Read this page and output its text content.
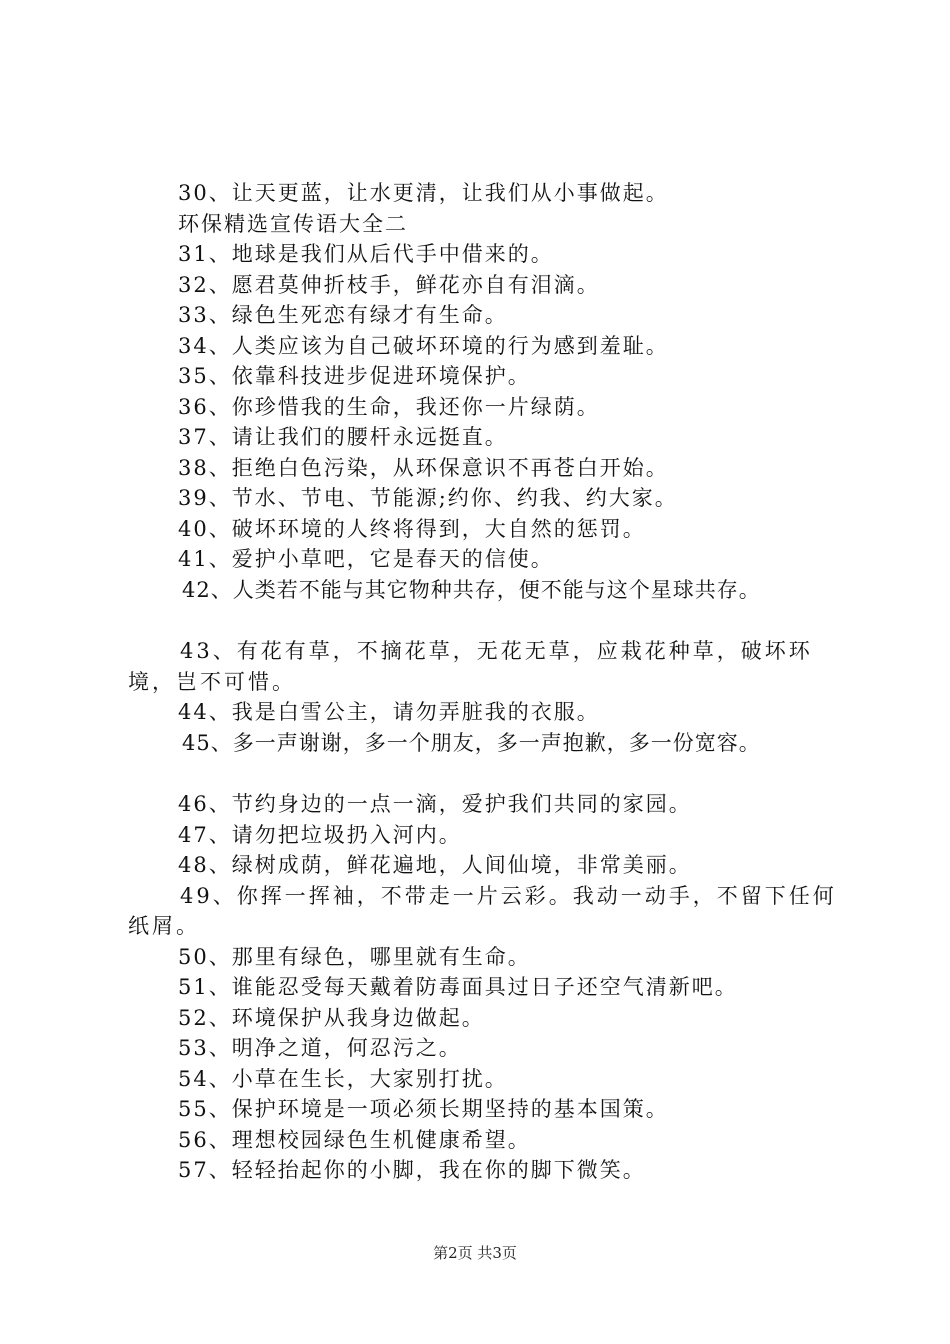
30、让天更蓝，让水更清，让我们从小事做起。

环保精选宣传语大全二

31、地球是我们从后代手中借来的。

32、愿君莫伸折枝手，鲜花亦自有泪滴。

33、绿色生死恋有绿才有生命。

34、人类应该为自己破坏环境的行为感到羞耻。

35、依靠科技进步促进环境保护。

36、你珍惜我的生命，我还你一片绿荫。

37、请让我们的腰杆永远挺直。

38、拒绝白色污染，从环保意识不再苍白开始。

39、节水、节电、节能源;约你、约我、约大家。

40、破坏环境的人终将得到，大自然的惩罚。

41、爱护小草吧，它是春天的信使。

42、人类若不能与其它物种共存，便不能与这个星球共存。

43、有花有草，不摘花草，无花无草，应栽花种草，破坏环境，岂不可惜。

44、我是白雪公主，请勿弄脏我的衣服。

45、多一声谢谢，多一个朋友，多一声抱歉，多一份宽容。

46、节约身边的一点一滴，爱护我们共同的家园。

47、请勿把垃圾扔入河内。

48、绿树成荫，鲜花遍地，人间仙境，非常美丽。

49、你挥一挥袖，不带走一片云彩。我动一动手，不留下任何纸屑。

50、那里有绿色，哪里就有生命。

51、谁能忍受每天戴着防毒面具过日子还空气清新吧。

52、环境保护从我身边做起。

53、明净之道，何忍污之。

54、小草在生长，大家别打扰。

55、保护环境是一项必须长期坚持的基本国策。

56、理想校园绿色生机健康希望。

57、轻轻抬起你的小脚，我在你的脚下微笑。

第2页 共3页
